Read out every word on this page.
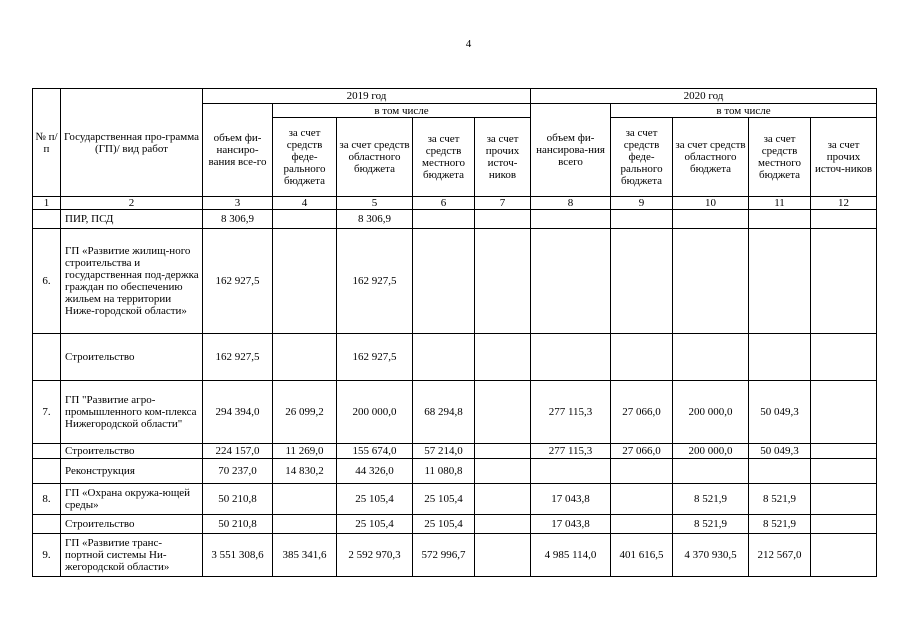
4
№ п/п	Государственная про-грамма (ГП)/ вид работ	2019 год					2020 год				
		объем фи-нансиро-вания все-го	в том числе				объем фи-нансирова-ния всего	в том числе			
			за счет средств феде-рального бюджета	за счет средств областного бюджета	за счет средств местного бюджета	за счет прочих источ-ников		за счет средств феде-рального бюджета	за счет средств областного бюджета	за счет средств местного бюджета	за счет прочих источ-ников
1	2	3	4	5	6	7	8	9	10	11	12
	ПИР, ПСД	8 306,9		8 306,9							
6.	ГП «Развитие жилищ-ного строительства и государственная под-держка граждан по обеспечению жильем на территории Ниже-городской области»	162 927,5		162 927,5							
	Строительство	162 927,5		162 927,5							
7.	ГП "Развитие агро-промышленного ком-плекса Нижегородской области"	294 394,0	26 099,2	200 000,0	68 294,8		277 115,3	27 066,0	200 000,0	50 049,3	
	Строительство	224 157,0	11 269,0	155 674,0	57 214,0		277 115,3	27 066,0	200 000,0	50 049,3	
	Реконструкция	70 237,0	14 830,2	44 326,0	11 080,8						
8.	ГП «Охрана окружа-ющей среды»	50 210,8		25 105,4	25 105,4		17 043,8		8 521,9	8 521,9	
	Строительство	50 210,8		25 105,4	25 105,4		17 043,8		8 521,9	8 521,9	
9.	ГП «Развитие транс-портной системы Ни-жегородской области»	3 551 308,6	385 341,6	2 592 970,3	572 996,7		4 985 114,0	401 616,5	4 370 930,5	212 567,0	
